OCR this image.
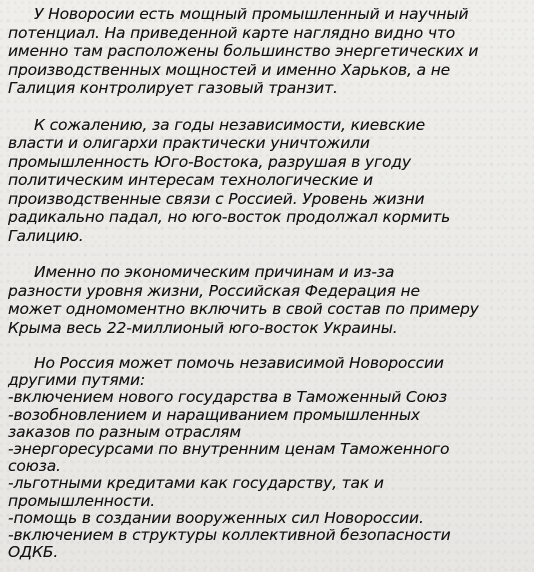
У Новоросии есть мощный промышленный и научный
потенциал. На приведенной карте наглядно видно что
именно там расположены большинство энергетических и
производственных мощностей и именно Харьков, а не
Галиция контролирует газовый транзит.
К сожалению, за годы независимости, киевские
власти и олигархи практически уничтожили
промышленность Юго-Востока, разрушая в угоду
политическим интересам технологические и
производственные связи с Россией. Уровень жизни
радикально падал, но юго-восток продолжал кормить
Галицию.
Именно по экономическим причинам и из-за
разности уровня жизни, Российская Федерация не
может одномоментно включить в свой состав по примеру
Крыма весь 22-миллионый юго-восток Украины.
Но Россия может помочь независимой Новороссии
другими путями:
-включением нового государства в Таможенный Союз
-возобновлением и наращиванием промышленных
заказов по разным отраслям
-энергоресурсами по внутренним ценам Таможенного
союза.
-льготными кредитами как государству, так и
промышленности.
-помощь в создании вооруженных сил Новороссии.
-включением в структуры коллективной безопасности
ОДКБ.
